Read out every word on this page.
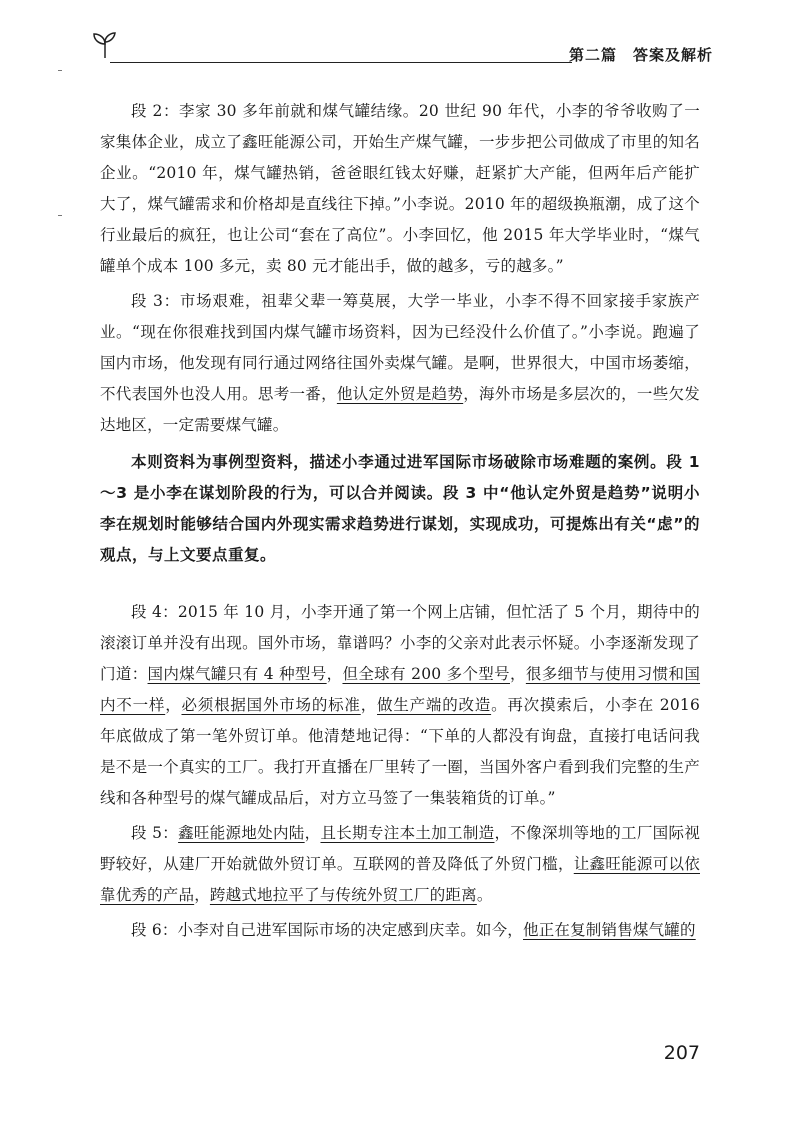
第二篇　答案及解析

段 2：李家 30 多年前就和煤气罐结缘。20 世纪 90 年代，小李的爷爷收购了一家集体企业，成立了鑫旺能源公司，开始生产煤气罐，一步步把公司做成了市里的知名企业。“2010 年，煤气罐热销，爸爸眼红钱太好赚，赶紧扩大产能，但两年后产能扩大了，煤气罐需求和价格却是直线往下掉。”小李说。2010 年的超级换瓶潮，成了这个行业最后的疯狂，也让公司“套在了高位”。小李回忆，他 2015 年大学毕业时，“煤气罐单个成本 100 多元，卖 80 元才能出手，做的越多，亏的越多。”

段 3：市场艰难，祖辈父辈一筹莫展，大学一毕业，小李不得不回家接手家族产业。“现在你很难找到国内煤气罐市场资料，因为已经没什么价值了。”小李说。跑遍了国内市场，他发现有同行通过网络往国外卖煤气罐。是啊，世界很大，中国市场萎缩，不代表国外也没人用。思考一番，他认定外贸是趋势，海外市场是多层次的，一些欠发达地区，一定需要煤气罐。

本则资料为事例型资料，描述小李通过进军国际市场破除市场难题的案例。段 1～3 是小李在谋划阶段的行为，可以合并阅读。段 3 中“他认定外贸是趋势”说明小李在规划时能够结合国内外现实需求趋势进行谋划，实现成功，可提炼出有关“虑”的观点，与上文要点重复。

段 4：2015 年 10 月，小李开通了第一个网上店铺，但忙活了 5 个月，期待中的滚滚订单并没有出现。国外市场，靠谱吗？小李的父亲对此表示怀疑。小李逐渐发现了门道：国内煤气罐只有 4 种型号，但全球有 200 多个型号，很多细节与使用习惯和国内不一样，必须根据国外市场的标准，做生产端的改造。再次摸索后，小李在 2016 年底做成了第一笔外贸订单。他清楚地记得：“下单的人都没有询盘，直接打电话问我是不是一个真实的工厂。我打开直播在厂里转了一圈，当国外客户看到我们完整的生产线和各种型号的煤气罐成品后，对方立马签了一集装箱货的订单。”

段 5：鑫旺能源地处内陆，且长期专注本土加工制造，不像深圳等地的工厂国际视野较好，从建厂开始就做外贸订单。互联网的普及降低了外贸门槛，让鑫旺能源可以依靠优秀的产品，跨越式地拉平了与传统外贸工厂的距离。

段 6：小李对自己进军国际市场的决定感到庆幸。如今，他正在复制销售煤气罐的

207
